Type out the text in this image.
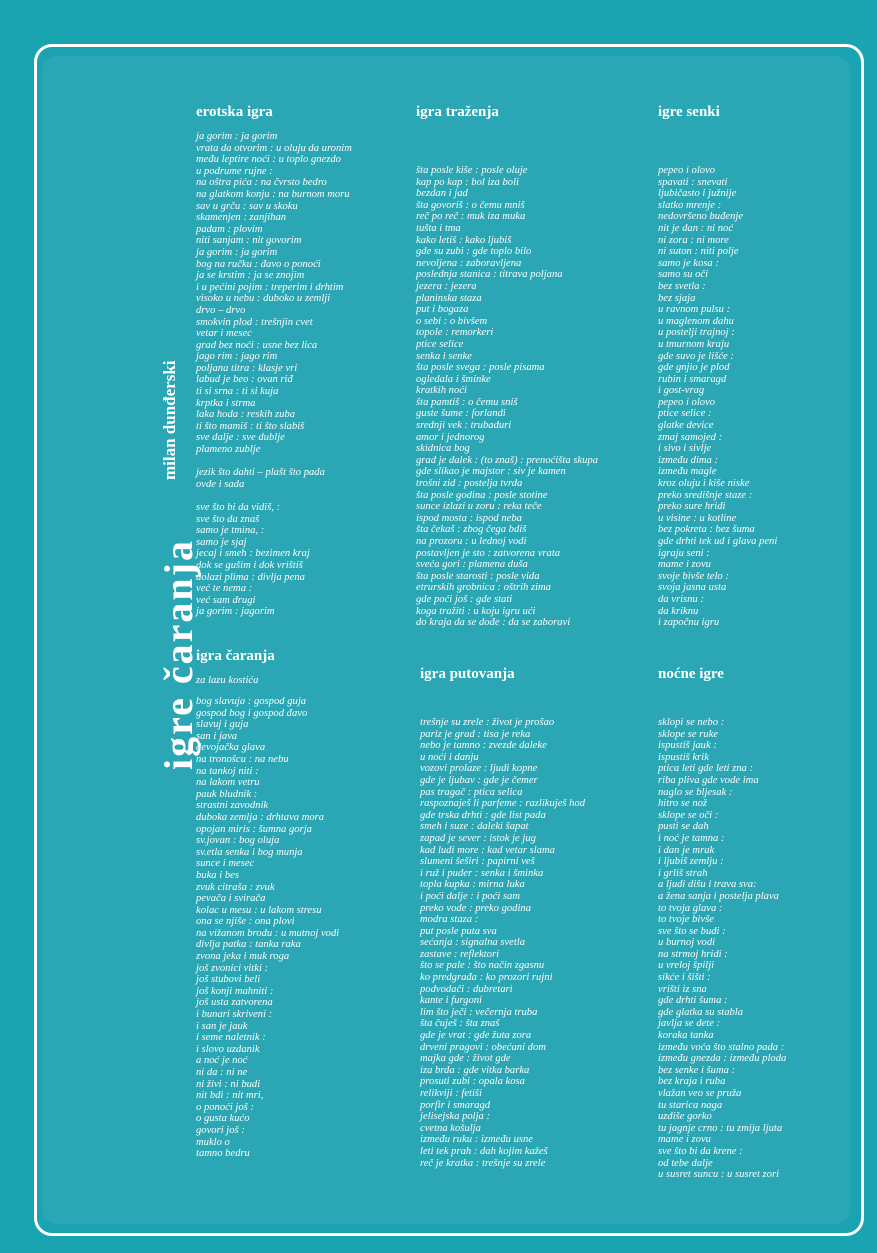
igre čaranja
milan dunđerski
erotska igra
ja gorim : ja gorim
vrata da otvorim : u oluju da uronim
među leptire noći : u toplo gnezdo
u podrume rujne :
na oštra pića : na čvrsto bedro
na glatkom konju : na burnom moru
sav u grču : sav u skoku
skamenjen : zanjihan
padam : plovim
niti sanjam : nit govorim
ja gorim : ja gorim
bog na ručku : đavo o ponoći
ja se krstim : ja se znojim
i u pećini pojim : treperim i drhtim
visoko u nebu : duboko u zemlji
drvo – drvo
smokvin plod : trešnjin cvet
vetar i mesec
grad bez noći : usne bez lica
jago rim : jago rim
poljana titra : klasje vri
labud je beo : ovan riđ
ti si srna : ti si kuja
krptka i strma
laka hoda : reskih zuba
ti što mamiš : ti što slabiš
sve dalje : sve dublje
plameno zublje
jezik što dahti – plašt što pada
ovde i sada
sve što bi da vidiš, :
sve što da znaš
samo je tmina, :
samo je sjaj
jecaj i smeh : bezimen kraj
dok se gušim i dok vrištiš
dolazi plima : divlja pena
već te nema :
već sam drugi
ja gorim : jagorim
igra čaranja
za lazu kostića
bog slavuja : gospod guja
gospod bog i gospod đavo
slavuj i guja
san i java
devojačka glava
na tronošcu : na nebu
na tankoj niti :
na lakom vetru
pauk bludnik :
strastni zavodnik
duboka zemlja : drhtava mora
opojan miris : šumna gorja
sv.jovan : bog oluja
sv.etla senka i bog munja
sunce i mesec
buka i bes
zvuk citraša : zvuk
pevača i svirača
kolac u mesu : u lakom stresu
ona se njiše : ona plovi
na vižanom brodu : u mutnoj vodi
divlja patka : tanka raka
zvona jeka i muk roga
još zvonici vitki :
još stubovi beli
još konji mahniti :
još usta zatvorena
i bunari skriveni :
i san je jauk
i seme naletnik :
i slovo uzdanik
a noć je noć
ni da : ni ne
ni živi : ni budi
nit bdi : nit mri,
o ponoći još :
o gusta kućo
govori još :
muklo o
tamno bedru
igra traženja
šta posle kiše : posle oluje
kap po kap : bol iza boli
bezdan i jad
šta govoriš : o čemu mniš
reč po reč : muk iza muka
tušta i tma
kako letiš : kako ljubiš
gde su zubi : gde toplo bilo
nevoljena : zaboravljena
poslednja stanica : titrava poljana
jezera : jezera
planinska staza
put i bogaza
o sebi : o bivšem
topole : remorkeri
ptice selice
senka i senke
šta posle svega : posle pisama
ogledala i šminke
kratkih noći
šta pamtiš : o čemu sniš
guste šume : forlandi
srednji vek : trubaduri
amor i jednorog
skidnica bog
grad je dalek : (to znaš) : prenoćišta skupa
gde slikao je majstor : siv je kamen
trošni zid : postelja tvrda
šta posle godina : posle stotine
sunce izlazi u zoru : reka teče
ispod mosta : ispod neba
šta čekaš : zbog čega bdiš
na prozoru : u lednoj vodi
postavljen je sto : zatvorena vrata
sveća gori : plamena duša
šta posle starosti : posle vida
etrurskih grobnica : oštrih zima
gde poći još : gde stati
koga tražiti : u koju igru ući
do kraja da se dođe : da se zaboravi
igra putovanja
trešnje su zrele : život je prošao
pariz je grad : tisa je reka
nebo je tamno : zvezde daleke
u noći i danju
vozovi prolaze : ljudi kopne
gde je ljubav : gde je čemer
pas tragač : ptica selica
raspoznaješ li parfeme : razlikuješ hod
gde trska drhti : gde list pada
smeh i suze : daleki šapat
zapad je sever : istok je jug
kad ludi more : kad vetar slama
slumeni šeširi : papirni veš
i ruž i puder : senka i šminka
topla kupka : mirna luka
i poći dalje : i poći sam
preko vode : preko godina
modra staza :
put posle puta sva
sećanja : signalna svetla
zastave : reflektori
što se pale : što način zgasnu
ko predgrađa : ko prozori rujni
podvodači : dubretari
kante i furgoni
lim što ječi : večernja truba
šta čuješ : šta znaš
gde je vrat : gde žuta zora
drveni pragovi : obećani dom
majka gde : život gde
iza brda : gde vitka barka
prosuti zubi : opala kosa
relikviji : fetiši
porfir i smaragd
jelisejska polja :
cvetna košulja
između ruku : između usne
leti tek prah : dah kojim kažeš
reč je kratka : trešnje su zrele
igre senki
pepeo i olovo
spavati : snevati
ljubičasto i južnije
slatko mrenje :
nedovršeno buđenje
nit je dan : ni noć
ni zora : ni more
ni suton : niti polje
samo je kosa :
samo su oči
bez svetla :
bez sjaja
u ravnom pulsu :
u maglenom dahu
u postelji trajnoj :
u tmurnom kraju
gde suvo je lišće :
gde gnjio je plod
rubin i smaragd
i gost-vrag
pepeo i olovo
ptice selice :
glatke device
zmaj samojed :
i sivo i sivlje
između dima :
između magle
kroz oluju i kiše niske
preko središnje staze :
preko sure hridi
u visine : u kotline
bez pokreta : bez šuma
gde drhti tek ud i glava peni
igraju seni :
mame i zovu
svoje bivše telo :
svoja jasna usta
da vrisnu :
da kriknu
i započnu igru
noćne igre
sklopi se nebo :
sklope se ruke
ispustiš jauk :
ispustiš krik
ptica leti gde leti zna :
riba pliva gde vode ima
naglo se bljesak :
hitro se nož
sklope se oči :
pusti se dah
i noć je tamna :
i dan je mrak
i ljubiš zemlju :
i grliš strah
a ljudi dišu i trava sva:
a žena sanja i postelja plava
to tvoja glava :
to tvoje bivše
sve što se budi :
u burnoj vodi
na strmoj hridi :
u vreloj špilji
sikće i šišti :
vrišti iz sna
gde drhti šuma :
gde glatka su stabla
javlja se dete :
koraka tanka
između voća što stalno pada :
između gnezda : između ploda
bez senke i šuma :
bez kraja i ruba
vlažan veo se pruža
tu starica naga
uzdiše gorko
tu jagnje crno : tu zmija ljuta
mame i zovu
sve što bi da krene :
od tebe dalje
u susret suncu : u susret zori
